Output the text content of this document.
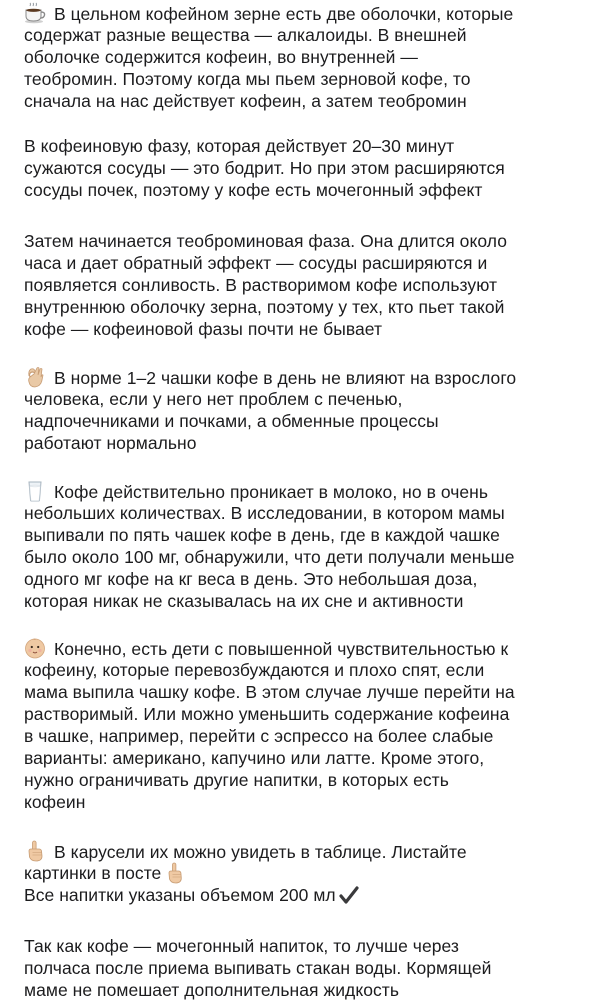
В цельном кофейном зерне есть две оболочки, которые
содержат разные вещества — алкалоиды. В внешней
оболочке содержится кофеин, во внутренней —
теобромин. Поэтому когда мы пьем зерновой кофе, то
сначала на нас действует кофеин, а затем теобромин
В кофеиновую фазу, которая действует 20–30 минут
сужаются сосуды — это бодрит. Но при этом расширяются
сосуды почек, поэтому у кофе есть мочегонный эффект
Затем начинается теоброминовая фаза. Она длится около
часа и дает обратный эффект — сосуды расширяются и
появляется сонливость. В растворимом кофе используют
внутреннюю оболочку зерна, поэтому у тех, кто пьет такой
кофе — кофеиновой фазы почти не бывает
В норме 1–2 чашки кофе в день не влияют на взрослого
человека, если у него нет проблем с печенью,
надпочечниками и почками, а обменные процессы
работают нормально
Кофе действительно проникает в молоко, но в очень
небольших количествах. В исследовании, в котором мамы
выпивали по пять чашек кофе в день, где в каждой чашке
было около 100 мг, обнаружили, что дети получали меньше
одного мг кофе на кг веса в день. Это небольшая доза,
которая никак не сказывалась на их сне и активности
Конечно, есть дети с повышенной чувствительностью к
кофеину, которые перевозбуждаются и плохо спят, если
мама выпила чашку кофе. В этом случае лучше перейти на
растворимый. Или можно уменьшить содержание кофеина
в чашке, например, перейти с эспрессо на более слабые
варианты: американо, капучино или латте. Кроме этого,
нужно ограничивать другие напитки, в которых есть
кофеин
В карусели их можно увидеть в таблице. Листайте
картинки в посте
Все напитки указаны объемом 200 мл
Так как кофе — мочегонный напиток, то лучше через
полчаса после приема выпивать стакан воды. Кормящей
маме не помешает дополнительная жидкость
